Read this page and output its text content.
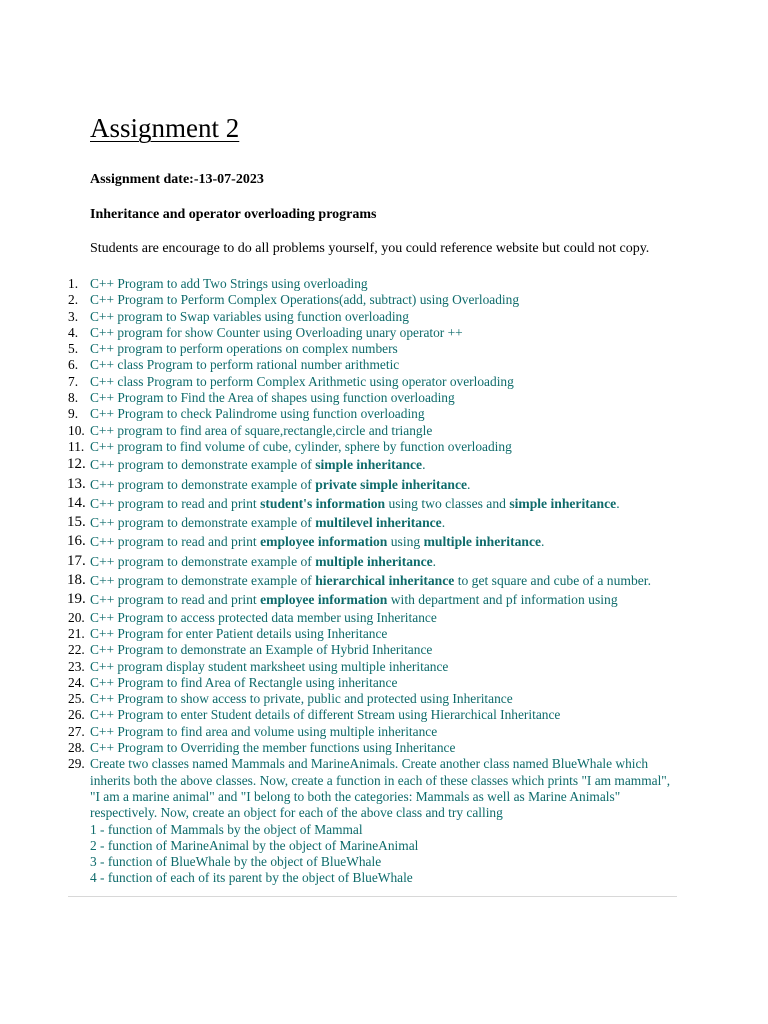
Assignment 2

Assignment date:-13-07-2023

Inheritance and operator overloading programs

Students are encourage to do all problems yourself, you could reference website but could not copy.

1. C++ Program to add Two Strings using overloading
2. C++ Program to Perform Complex Operations(add, subtract) using Overloading
3. C++ program to Swap variables using function overloading
4. C++ program for show Counter using Overloading unary operator ++
5. C++ program to perform operations on complex numbers
6. C++ class Program to perform rational number arithmetic
7. C++ class Program to perform Complex Arithmetic using operator overloading
8. C++ Program to Find the Area of shapes using function overloading
9. C++ Program to check Palindrome using function overloading
10. C++ program to find area of square,rectangle,circle and triangle
11. C++ program to find volume of cube, cylinder, sphere by function overloading
12. C++ program to demonstrate example of simple inheritance.
13. C++ program to demonstrate example of private simple inheritance.
14. C++ program to read and print student's information using two classes and simple inheritance.
15. C++ program to demonstrate example of multilevel inheritance.
16. C++ program to read and print employee information using multiple inheritance.
17. C++ program to demonstrate example of multiple inheritance.
18. C++ program to demonstrate example of hierarchical inheritance to get square and cube of a number.
19. C++ program to read and print employee information with department and pf information using
20. C++ Program to access protected data member using Inheritance
21. C++ Program for enter Patient details using Inheritance
22. C++ Program to demonstrate an Example of Hybrid Inheritance
23. C++ program display student marksheet using multiple inheritance
24. C++ Program to find Area of Rectangle using inheritance
25. C++ Program to show access to private, public and protected using Inheritance
26. C++ Program to enter Student details of different Stream using Hierarchical Inheritance
27. C++ Program to find area and volume using multiple inheritance
28. C++ Program to Overriding the member functions using Inheritance
29. Create two classes named Mammals and MarineAnimals. Create another class named BlueWhale which inherits both the above classes. Now, create a function in each of these classes which prints "I am mammal", "I am a marine animal" and "I belong to both the categories: Mammals as well as Marine Animals" respectively. Now, create an object for each of the above class and try calling
1 - function of Mammals by the object of Mammal
2 - function of MarineAnimal by the object of MarineAnimal
3 - function of BlueWhale by the object of BlueWhale
4 - function of each of its parent by the object of BlueWhale
